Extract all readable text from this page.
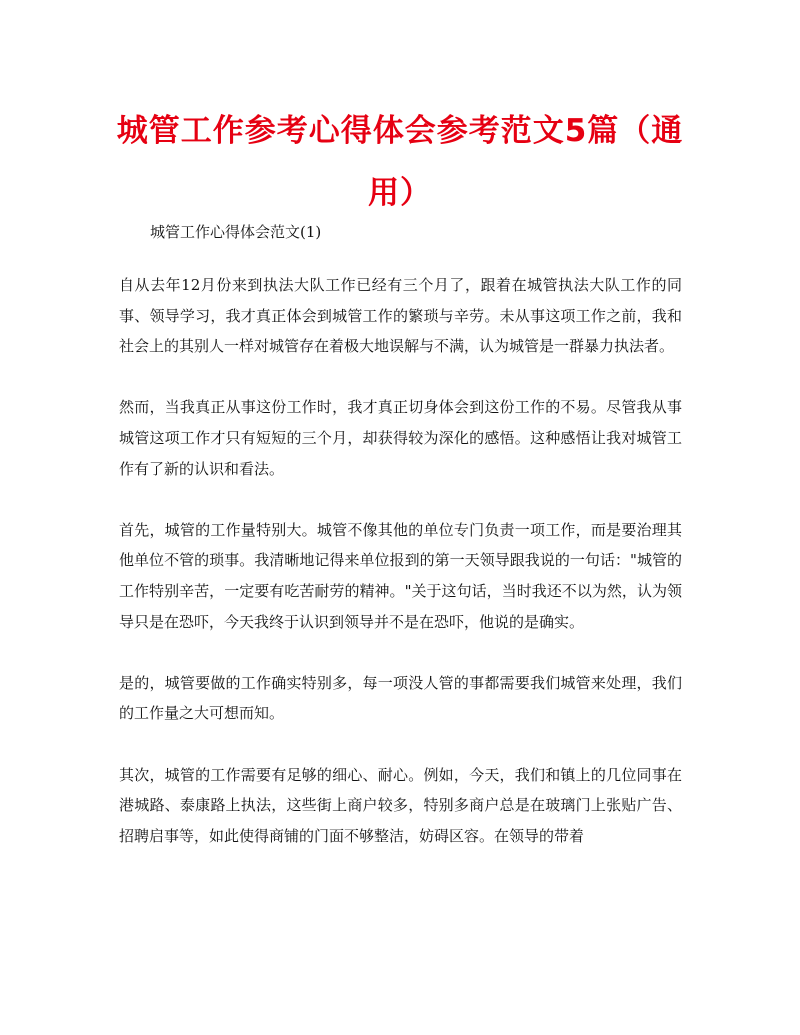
城管工作参考心得体会参考范文5篇（通用）
城管工作心得体会范文(1)

自从去年12月份来到执法大队工作已经有三个月了，跟着在城管执法大队工作的同事、领导学习，我才真正体会到城管工作的繁琐与辛劳。未从事这项工作之前，我和社会上的其别人一样对城管存在着极大地误解与不满，认为城管是一群暴力执法者。

然而，当我真正从事这份工作时，我才真正切身体会到这份工作的不易。尽管我从事城管这项工作才只有短短的三个月，却获得较为深化的感悟。这种感悟让我对城管工作有了新的认识和看法。

首先，城管的工作量特别大。城管不像其他的单位专门负责一项工作，而是要治理其他单位不管的琐事。我清晰地记得来单位报到的第一天领导跟我说的一句话："城管的工作特别辛苦，一定要有吃苦耐劳的精神。"关于这句话，当时我还不以为然，认为领导只是在恐吓，今天我终于认识到领导并不是在恐吓，他说的是确实。

是的，城管要做的工作确实特别多，每一项没人管的事都需要我们城管来处理，我们的工作量之大可想而知。

其次，城管的工作需要有足够的细心、耐心。例如，今天，我们和镇上的几位同事在港城路、泰康路上执法，这些街上商户较多，特别多商户总是在玻璃门上张贴广告、招聘启事等，如此使得商铺的门面不够整洁，妨碍区容。在领导的带着
